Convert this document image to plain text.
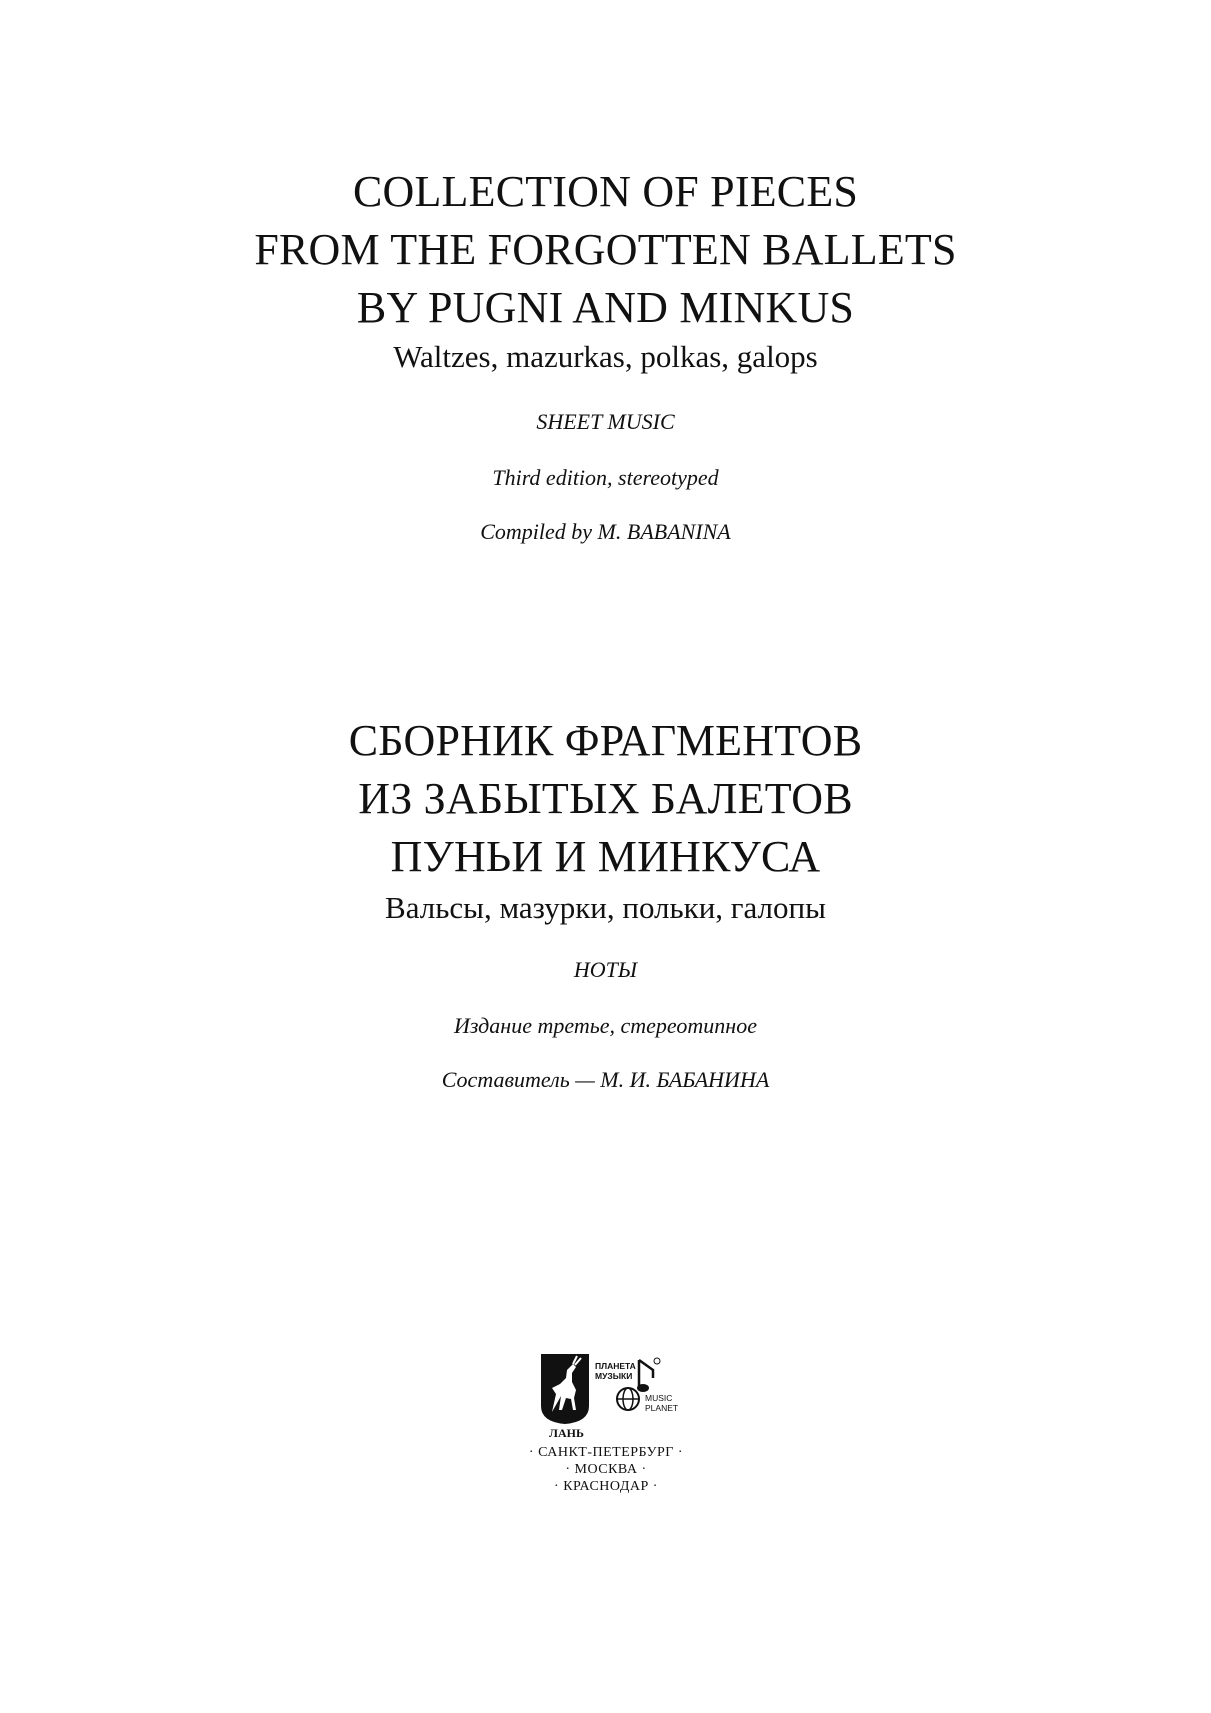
COLLECTION OF PIECES
FROM THE FORGOTTEN BALLETS
BY PUGNI AND MINKUS
Waltzes, mazurkas, polkas, galops
SHEET MUSIC
Third edition, stereotyped
Compiled by M. BABANINA
СБОРНИК ФРАГМЕНТОВ
ИЗ ЗАБЫТЫХ БАЛЕТОВ
ПУНЬИ И МИНКУСА
Вальсы, мазурки, польки, галопы
НОТЫ
Издание третье, стереотипное
Составитель — М. И. БАБАНИНА
ЛАНЬ
ПЛАНЕТА
МУЗЫКИ
MUSIC
PLANET
· САНКТ-ПЕТЕРБУРГ ·
· МОСКВА ·
· КРАСНОДАР ·
